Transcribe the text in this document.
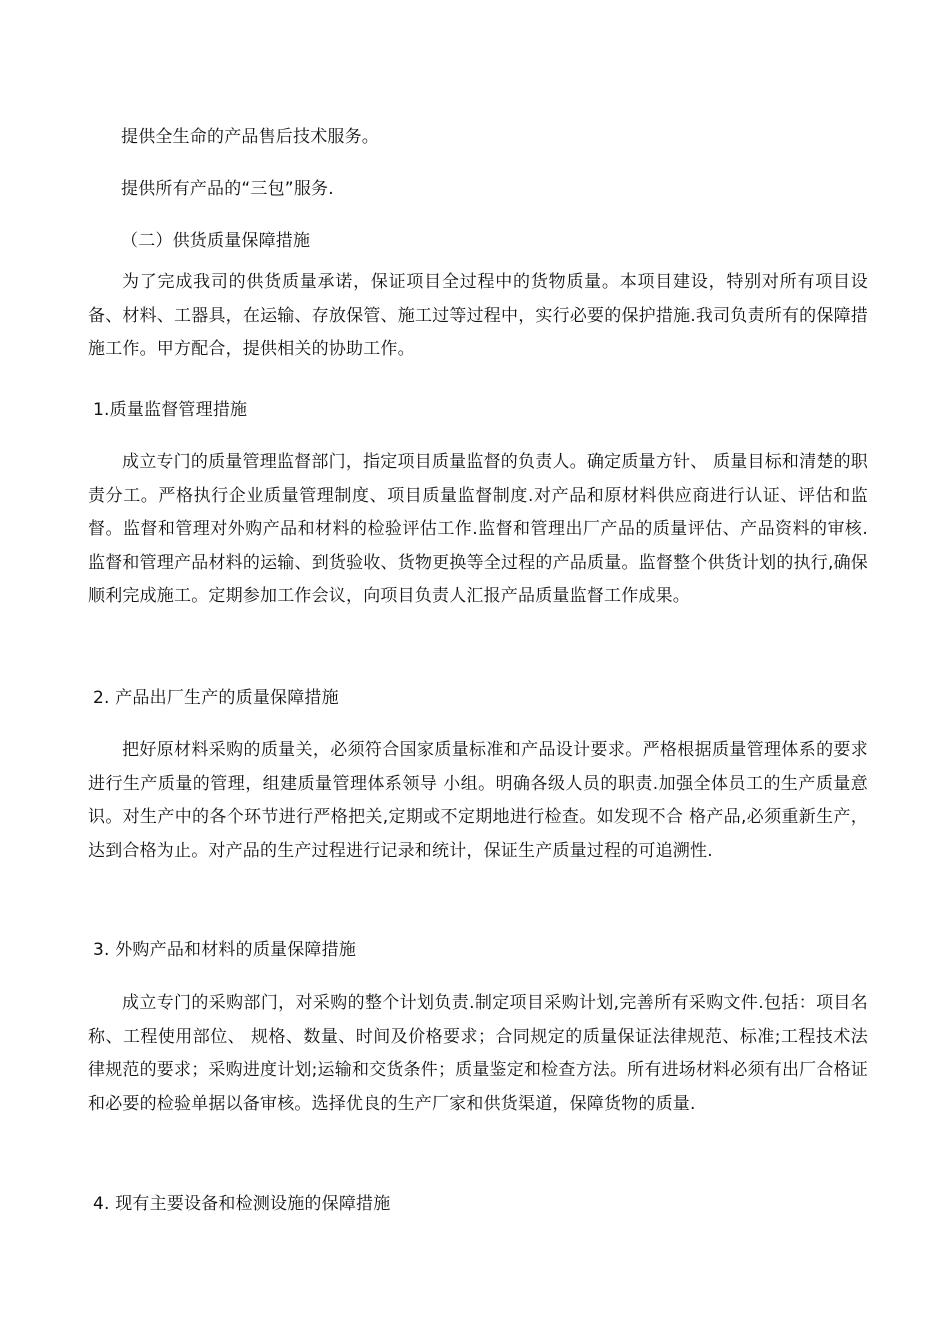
提供全生命的产品售后技术服务。

提供所有产品的“三包”服务.

（二）供货质量保障措施

为了完成我司的供货质量承诺，保证项目全过程中的货物质量。本项目建设，特别对所有项目设备、材料、工器具，在运输、存放保管、施工过等过程中，实行必要的保护措施.我司负责所有的保障措施工作。甲方配合，提供相关的协助工作。

1.质量监督管理措施

成立专门的质量管理监督部门，指定项目质量监督的负责人。确定质量方针、 质量目标和清楚的职责分工。严格执行企业质量管理制度、项目质量监督制度.对产品和原材料供应商进行认证、评估和监督。监督和管理对外购产品和材料的检验评估工作.监督和管理出厂产品的质量评估、产品资料的审核. 监督和管理产品材料的运输、到货验收、货物更换等全过程的产品质量。监督整个供货计划的执行,确保顺利完成施工。定期参加工作会议，向项目负责人汇报产品质量监督工作成果。

2. 产品出厂生产的质量保障措施

把好原材料采购的质量关，必须符合国家质量标准和产品设计要求。严格根据质量管理体系的要求进行生产质量的管理，组建质量管理体系领导 小组。明确各级人员的职责.加强全体员工的生产质量意识。对生产中的各个环节进行严格把关,定期或不定期地进行检查。如发现不合 格产品,必须重新生产，达到合格为止。对产品的生产过程进行记录和统计，保证生产质量过程的可追溯性.

3. 外购产品和材料的质量保障措施

成立专门的采购部门，对采购的整个计划负责.制定项目采购计划,完善所有采购文件.包括：项目名称、工程使用部位、 规格、数量、时间及价格要求；合同规定的质量保证法律规范、标准;工程技术法律规范的要求；采购进度计划;运输和交货条件；质量鉴定和检查方法。所有进场材料必须有出厂合格证和必要的检验单据以备审核。选择优良的生产厂家和供货渠道，保障货物的质量.

4. 现有主要设备和检测设施的保障措施
